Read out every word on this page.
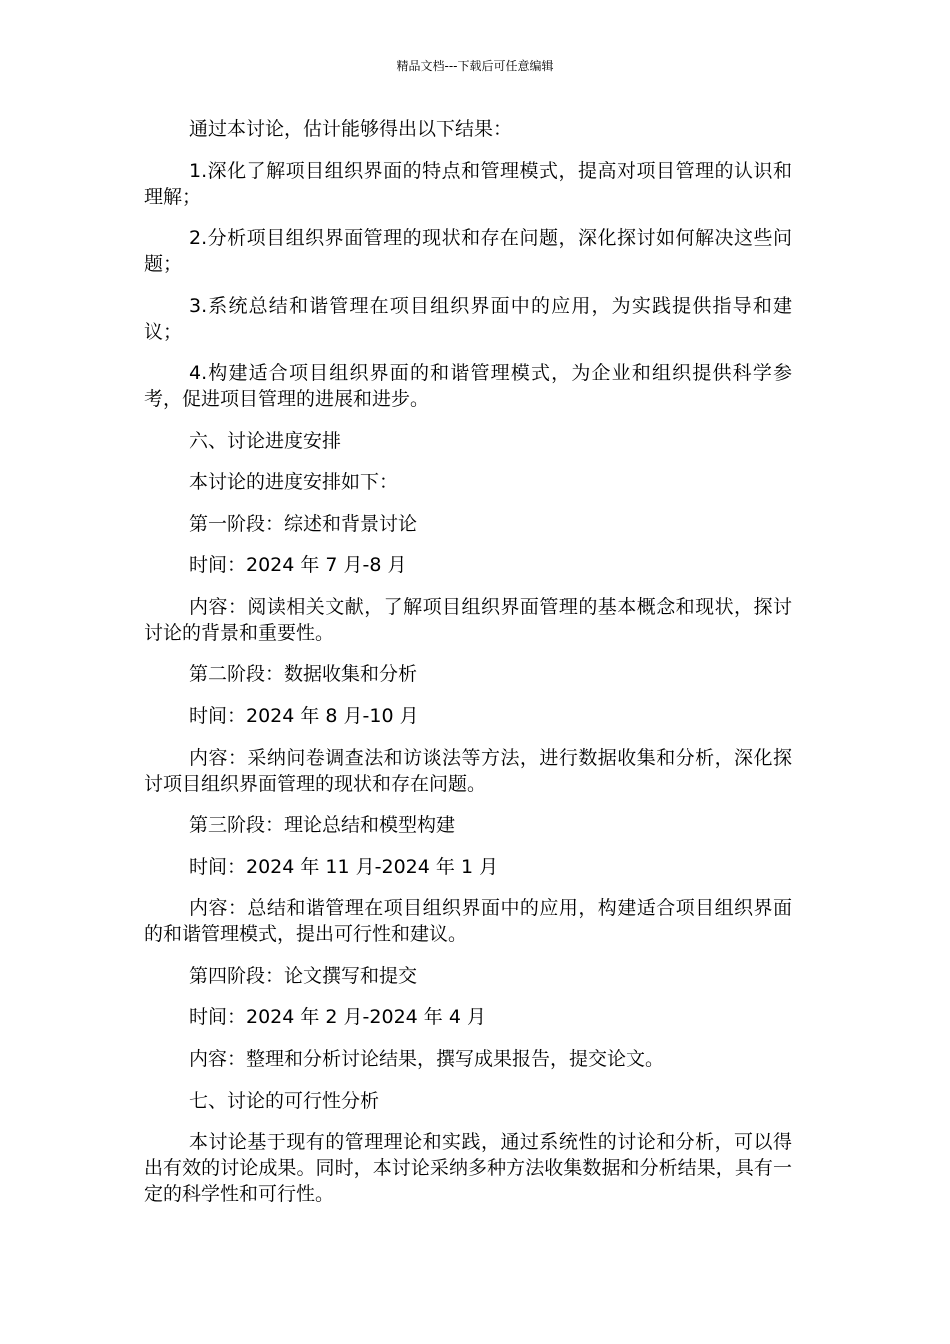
精品文档---下载后可任意编辑

通过本讨论，估计能够得出以下结果：

1.深化了解项目组织界面的特点和管理模式，提高对项目管理的认识和理解；

2.分析项目组织界面管理的现状和存在问题，深化探讨如何解决这些问题；

3.系统总结和谐管理在项目组织界面中的应用，为实践提供指导和建议；

4.构建适合项目组织界面的和谐管理模式，为企业和组织提供科学参考，促进项目管理的进展和进步。

六、讨论进度安排

本讨论的进度安排如下：

第一阶段：综述和背景讨论

时间：2024 年 7 月-8 月

内容：阅读相关文献，了解项目组织界面管理的基本概念和现状，探讨讨论的背景和重要性。

第二阶段：数据收集和分析

时间：2024 年 8 月-10 月

内容：采纳问卷调查法和访谈法等方法，进行数据收集和分析，深化探讨项目组织界面管理的现状和存在问题。

第三阶段：理论总结和模型构建

时间：2024 年 11 月-2024 年 1 月

内容：总结和谐管理在项目组织界面中的应用，构建适合项目组织界面的和谐管理模式，提出可行性和建议。

第四阶段：论文撰写和提交

时间：2024 年 2 月-2024 年 4 月

内容：整理和分析讨论结果，撰写成果报告，提交论文。

七、讨论的可行性分析

本讨论基于现有的管理理论和实践，通过系统性的讨论和分析，可以得出有效的讨论成果。同时，本讨论采纳多种方法收集数据和分析结果，具有一定的科学性和可行性。
